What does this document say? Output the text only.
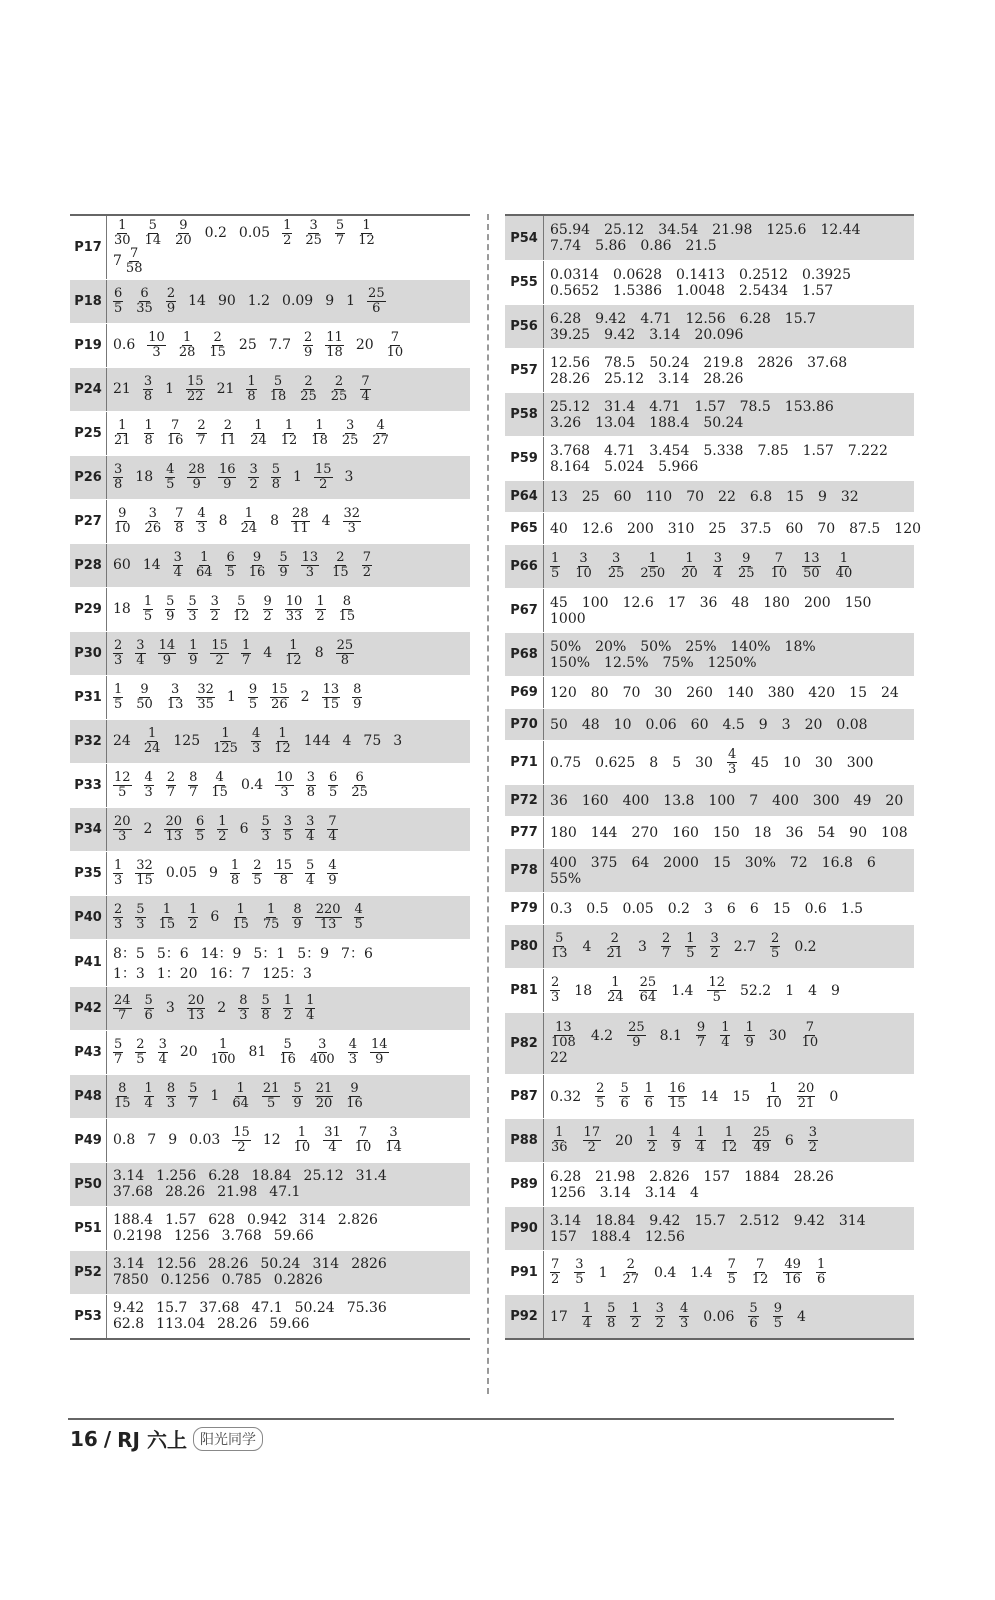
$P17 \frac{1}{30} \frac{5}{14} \frac{9}{20} 0.2$ $0.05 \frac{1}{2} \frac{3}{25} \frac{5}{7} \frac{1}{12}$
$7 \frac{7}{58}$
$P18 \frac{6}{5} \frac{6}{35} \frac{2}{9} 14$ 90 1.2 0.09 9 $1 \frac{25}{6}$
P19 $0.6 \frac{10}{3} \frac{1}{28} \frac{2}{15} 25$ $7.7 \frac{2}{9} \frac{11}{18} 20 \frac{7}{10}$
P24 $21 \frac{3}{8} 1 \frac{15}{22} 21 \frac{1}{8} \frac{5}{18} \frac{2}{25} \frac{2}{25} \frac{7}{4}$
$P25 \frac{1}{21} \frac{1}{8} \frac{7}{16} \frac{2}{7} \frac{2}{11} \frac{1}{24} \frac{1}{12} \frac{1}{18} \frac{3}{25} \frac{4}{27}$
$P26 \frac{3}{8} 18 \frac{4}{5} \frac{28}{9} \frac{16}{9} \frac{3}{2} \frac{5}{8} 1 \frac{15}{2} 3$
$P27 \frac{9}{10} \frac{3}{26} \frac{7}{8} \frac{4}{3} 8 \frac{1}{24} 8 \frac{28}{11} 4 \frac{32}{3}$
P28 60 $14 \frac{3}{4} \frac{1}{64} \frac{6}{5} \frac{9}{16} \frac{5}{9} \frac{13}{3} \frac{2}{15} \frac{7}{2}$
P29 $18 \frac{1}{5} \frac{5}{9} \frac{5}{3} \frac{3}{2} \frac{5}{12} \frac{9}{2} \frac{10}{33} \frac{1}{2} \frac{8}{15}$
$P30 \frac{2}{3} \frac{3}{4} \frac{14}{9} \frac{1}{9} \frac{15}{2} \frac{1}{7} 4 \frac{1}{12} 8 \frac{25}{8}$
$P31 \frac{1}{5} \frac{9}{50} \frac{3}{13} \frac{32}{35} 1 \frac{9}{5} \frac{15}{26} 2 \frac{13}{15} \frac{8}{9}$
P32 $24 \frac{1}{24} 125 \frac{1}{125} \frac{4}{3} \frac{1}{12} 144$ 4 75 3
$P33 \frac{12}{5} \frac{4}{3} \frac{2}{7} \frac{8}{7} \frac{4}{15} 0.4 \frac{10}{3} \frac{3}{8} \frac{6}{5} \frac{6}{25}$
$P34 \frac{20}{3} 2 \frac{20}{13} \frac{6}{5} \frac{1}{2} 6 \frac{5}{3} \frac{3}{5} \frac{3}{4} \frac{7}{4}$
$P35 \frac{1}{3} \frac{32}{15} 0.05$ $9 \frac{1}{8} \frac{2}{5} \frac{15}{8} \frac{5}{4} \frac{4}{9}$
$P40 \frac{2}{3} \frac{5}{3} \frac{1}{15} \frac{1}{2} 6 \frac{1}{15} \frac{1}{75} \frac{8}{9} \frac{220}{13} \frac{4}{5}$
P41
8：5 5：6 14：9 5：1 5：9 7：6
1：3 1：20 16：7 125：3
$P42 \frac{24}{7} \frac{5}{6} 3 \frac{20}{13} 2 \frac{8}{3} \frac{5}{8} \frac{1}{2} \frac{1}{4}$
$P43 \frac{5}{7} \frac{2}{5} \frac{3}{4} 20 \frac{1}{100} 81 \frac{5}{16} \frac{3}{400} \frac{4}{3} \frac{14}{9}$
$P48 \frac{8}{15} \frac{1}{4} \frac{8}{3} \frac{5}{7} 1 \frac{1}{64} \frac{21}{5} \frac{5}{9} \frac{21}{20} \frac{9}{16}$
P49 0.8 7 9 $0.03 \frac{15}{2} 12 \frac{1}{10} \frac{31}{4} \frac{7}{10} \frac{3}{14}$
P50 3.14 1.256 6.28 18.84 25.12 31.4
37.68 28.26 21.98 47.1
P51 188.4 1.57 628 0.942 314 2.826
0.2198 1256 3.768 59.66
P52 3.14 12.56 28.26 50.24 314 2826
7850 0.1256 0.785 0.2826
P53 9.42 15.7 37.68 47.1 50.24 75.36
62.8 113.04 28.26 59.66
P54 65.94 25.12 34.54 21.98 125.6 12.44
7.74 5.86 0.86 21.5
P55 0.0314 0.0628 0.1413 0.2512 0.3925
0.5652 1.5386 1.0048 2.5434 1.57
P56 6.28 9.42 4.71 12.56 6.28 15.7
39.25 9.42 3.14 20.096
P57 12.56 78.5 50.24 219.8 2826 37.68
28.26 25.12 3.14 28.26
P58 25.12 31.4 4.71 1.57 78.5 153.86
3.26 13.04 188.4 50.24
P59 3.768 4.71 3.454 5.338 7.85 1.57 7.222
8.164 5.024 5.966
P64 13 25 60 110 70 22 6.8 15 9 32
P65 40 12.6 200 310 25 37.5 60 70 87.5 120
$P66 \frac{1}{5} \frac{3}{10} \frac{3}{25} \frac{1}{250} \frac{1}{20} \frac{3}{4} \frac{9}{25} \frac{7}{10} \frac{13}{50} \frac{1}{40}$
P67 45 100 12.6 17 36 48 180 200 150
1000
P68 50% 20% 50% 25% 140% 18%
150% 12.5% 75% 1250%
P69 120 80 70 30 260 140 380 420 15 24
P70 50 48 10 0.06 60 4.5 9 3 20 0.08
P71 0.75 0.625 8 5 $30 \frac{4}{3} 45$ 10 30 300
P72 36 160 400 13.8 100 7 400 300 49 20
P77 180 144 270 160 150 18 36 54 90 108
P78 400 375 64 2000 15 30% 72 16.8 6
55%
P79 0.3 0.5 0.05 0.2 3 6 6 15 0.6 1.5
$P80 \frac{5}{13} 4 \frac{2}{21} 3 \frac{2}{7} \frac{1}{5} \frac{3}{2} 2.7 \frac{2}{5} 0.2$
$P81 \frac{2}{3} 18 \frac{1}{24} \frac{25}{64} 1.4 \frac{12}{5} 52.2$ 1 4 9
$P82 \frac{13}{108} 4.2 \frac{25}{9} 8.1 \frac{9}{7} \frac{1}{4} \frac{1}{9} 30 \frac{7}{10}$
22
P87 $0.32 \frac{2}{5} \frac{5}{6} \frac{1}{6} \frac{16}{15} 14$ $15 \frac{1}{10} \frac{20}{21} 0$
$P88 \frac{1}{36} \frac{17}{2} 20 \frac{1}{2} \frac{4}{9} \frac{1}{4} \frac{1}{12} \frac{25}{49} 6 \frac{3}{2}$
P89 6.28 21.98 2.826 157 1884 28.26
1256 3.14 3.14 4
P90 3.14 18.84 9.42 15.7 2.512 9.42 314
157 188.4 12.56
$P91 \frac{7}{2} \frac{3}{5} 1 \frac{2}{27} 0.4$ $1.4 \frac{7}{5} \frac{7}{12} \frac{49}{16} \frac{1}{6}$
P92 $17 \frac{1}{4} \frac{5}{8} \frac{1}{2} \frac{3}{2} \frac{4}{3} 0.06 \frac{5}{6} \frac{9}{5} 4$
16 / RJ 六上 阳光同学
